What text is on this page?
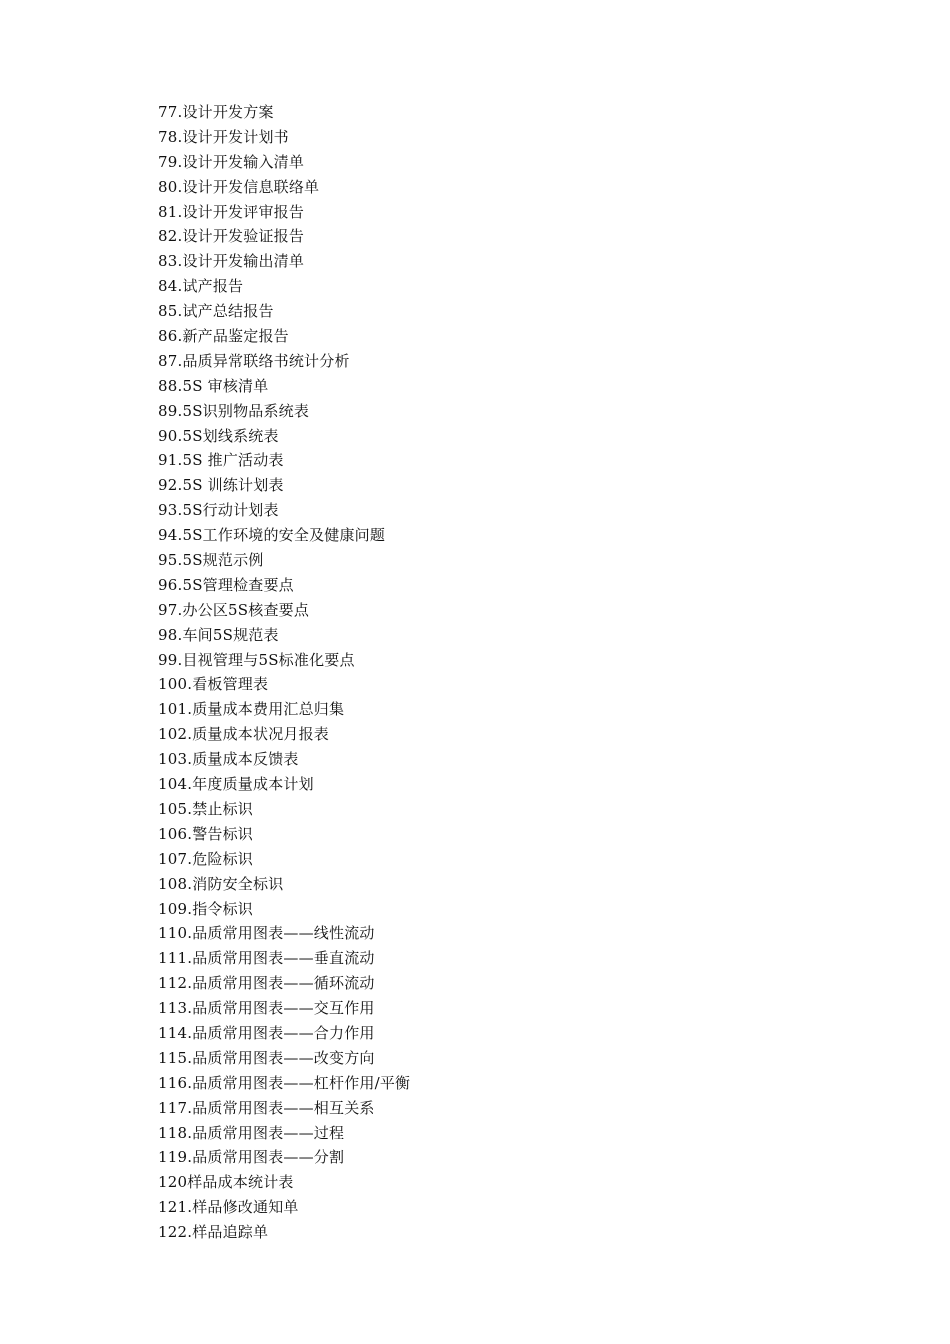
77.设计开发方案
78.设计开发计划书
79.设计开发输入清单
80.设计开发信息联络单
81.设计开发评审报告
82.设计开发验证报告
83.设计开发输出清单
84.试产报告
85.试产总结报告
86.新产品鉴定报告
87.品质异常联络书统计分析
88.5S 审核清单
89.5S识别物品系统表
90.5S划线系统表
91.5S 推广活动表
92.5S 训练计划表
93.5S行动计划表
94.5S工作环境的安全及健康问题
95.5S规范示例
96.5S管理检查要点
97.办公区5S核查要点
98.车间5S规范表
99.目视管理与5S标准化要点
100.看板管理表
101.质量成本费用汇总归集
102.质量成本状况月报表
103.质量成本反馈表
104.年度质量成本计划
105.禁止标识
106.警告标识
107.危险标识
108.消防安全标识
109.指令标识
110.品质常用图表——线性流动
111.品质常用图表——垂直流动
112.品质常用图表——循环流动
113.品质常用图表——交互作用
114.品质常用图表——合力作用
115.品质常用图表——改变方向
116.品质常用图表——杠杆作用/平衡
117.品质常用图表——相互关系
118.品质常用图表——过程
119.品质常用图表——分割
120样品成本统计表
121.样品修改通知单
122.样品追踪单
